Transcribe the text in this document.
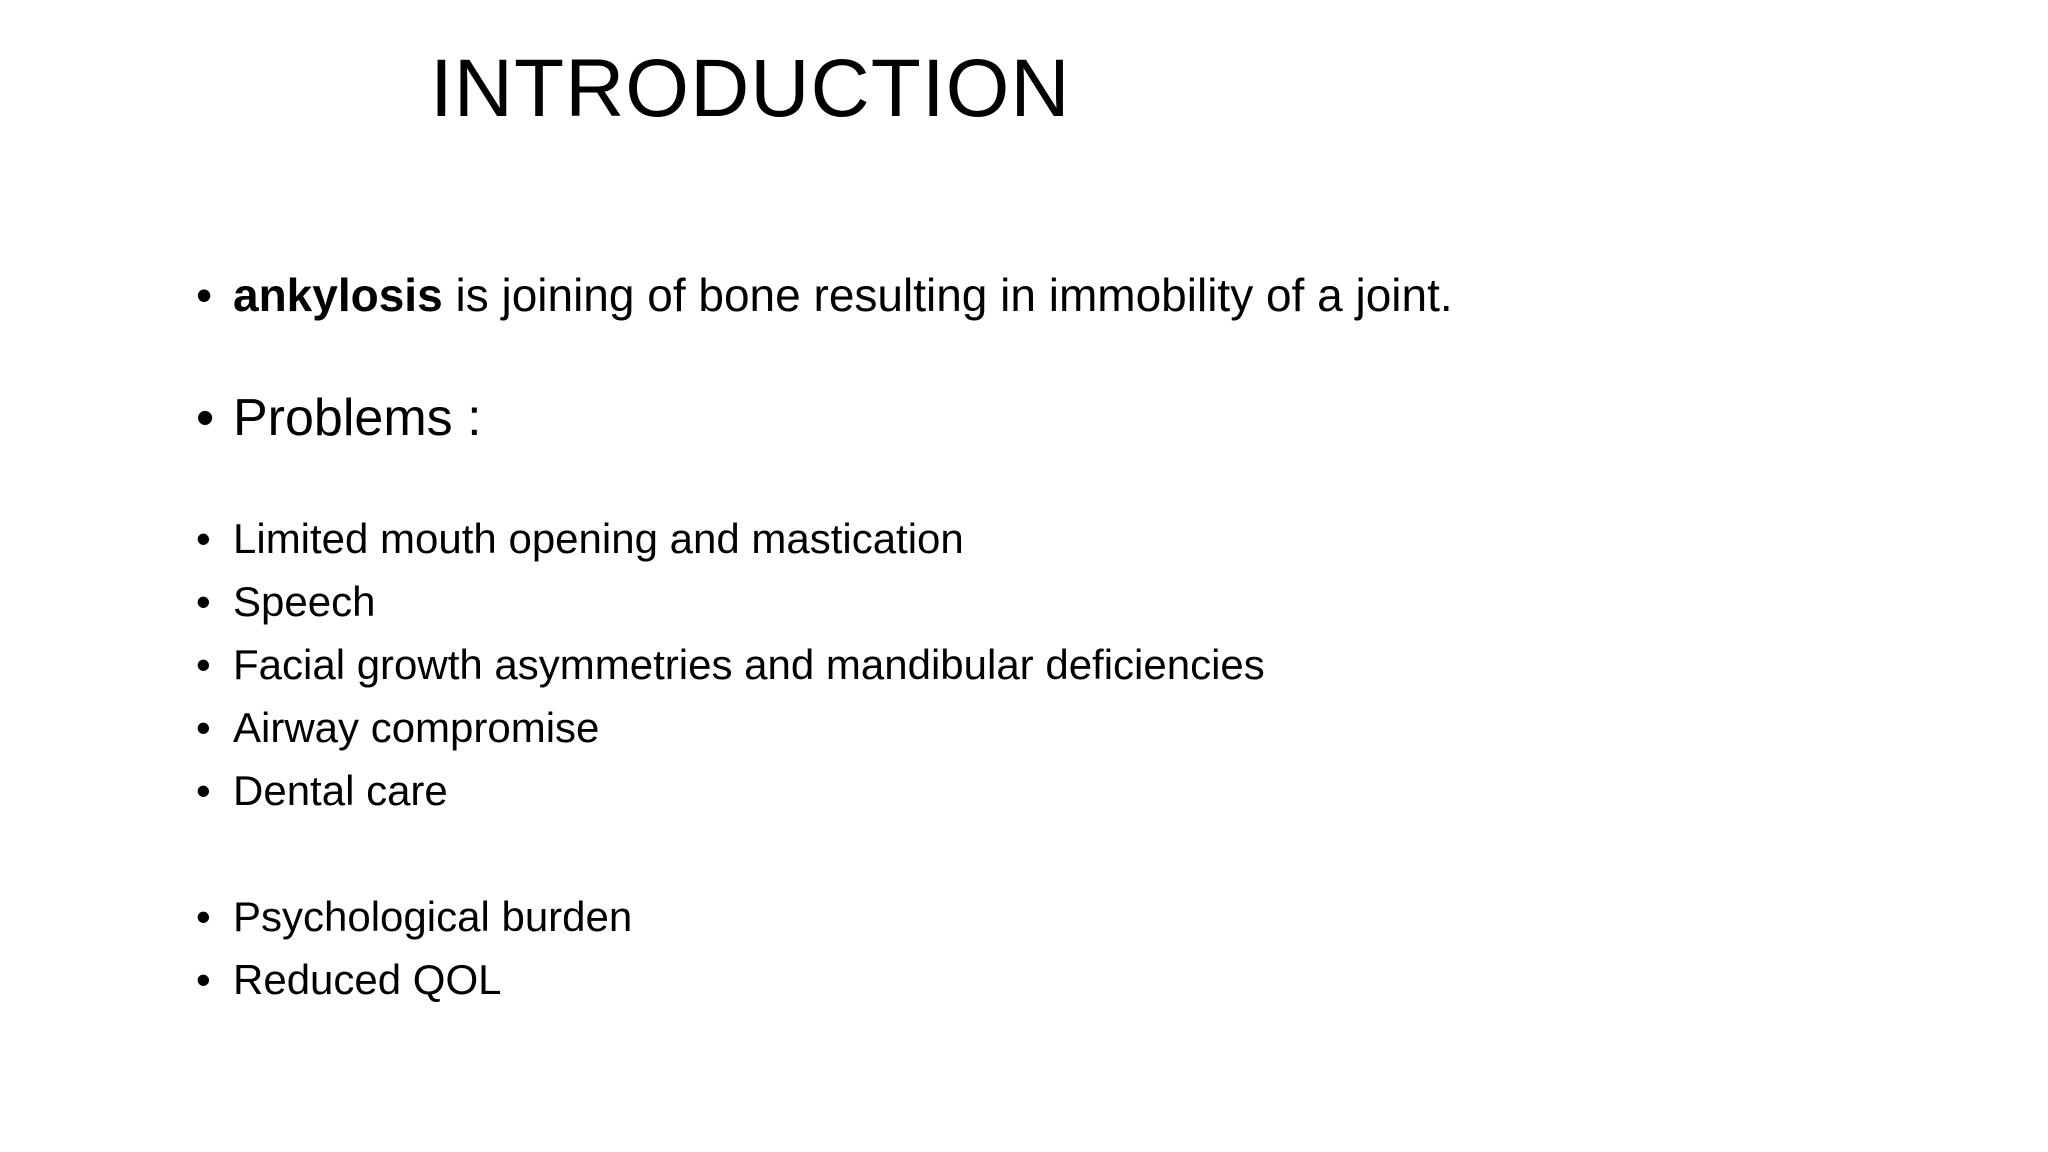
INTRODUCTION
• ankylosis is joining of bone resulting in immobility of a joint.
• Problems :
• Limited mouth opening and mastication
• Speech
• Facial growth asymmetries and mandibular deficiencies
• Airway compromise
• Dental care
• Psychological burden
• Reduced QOL
